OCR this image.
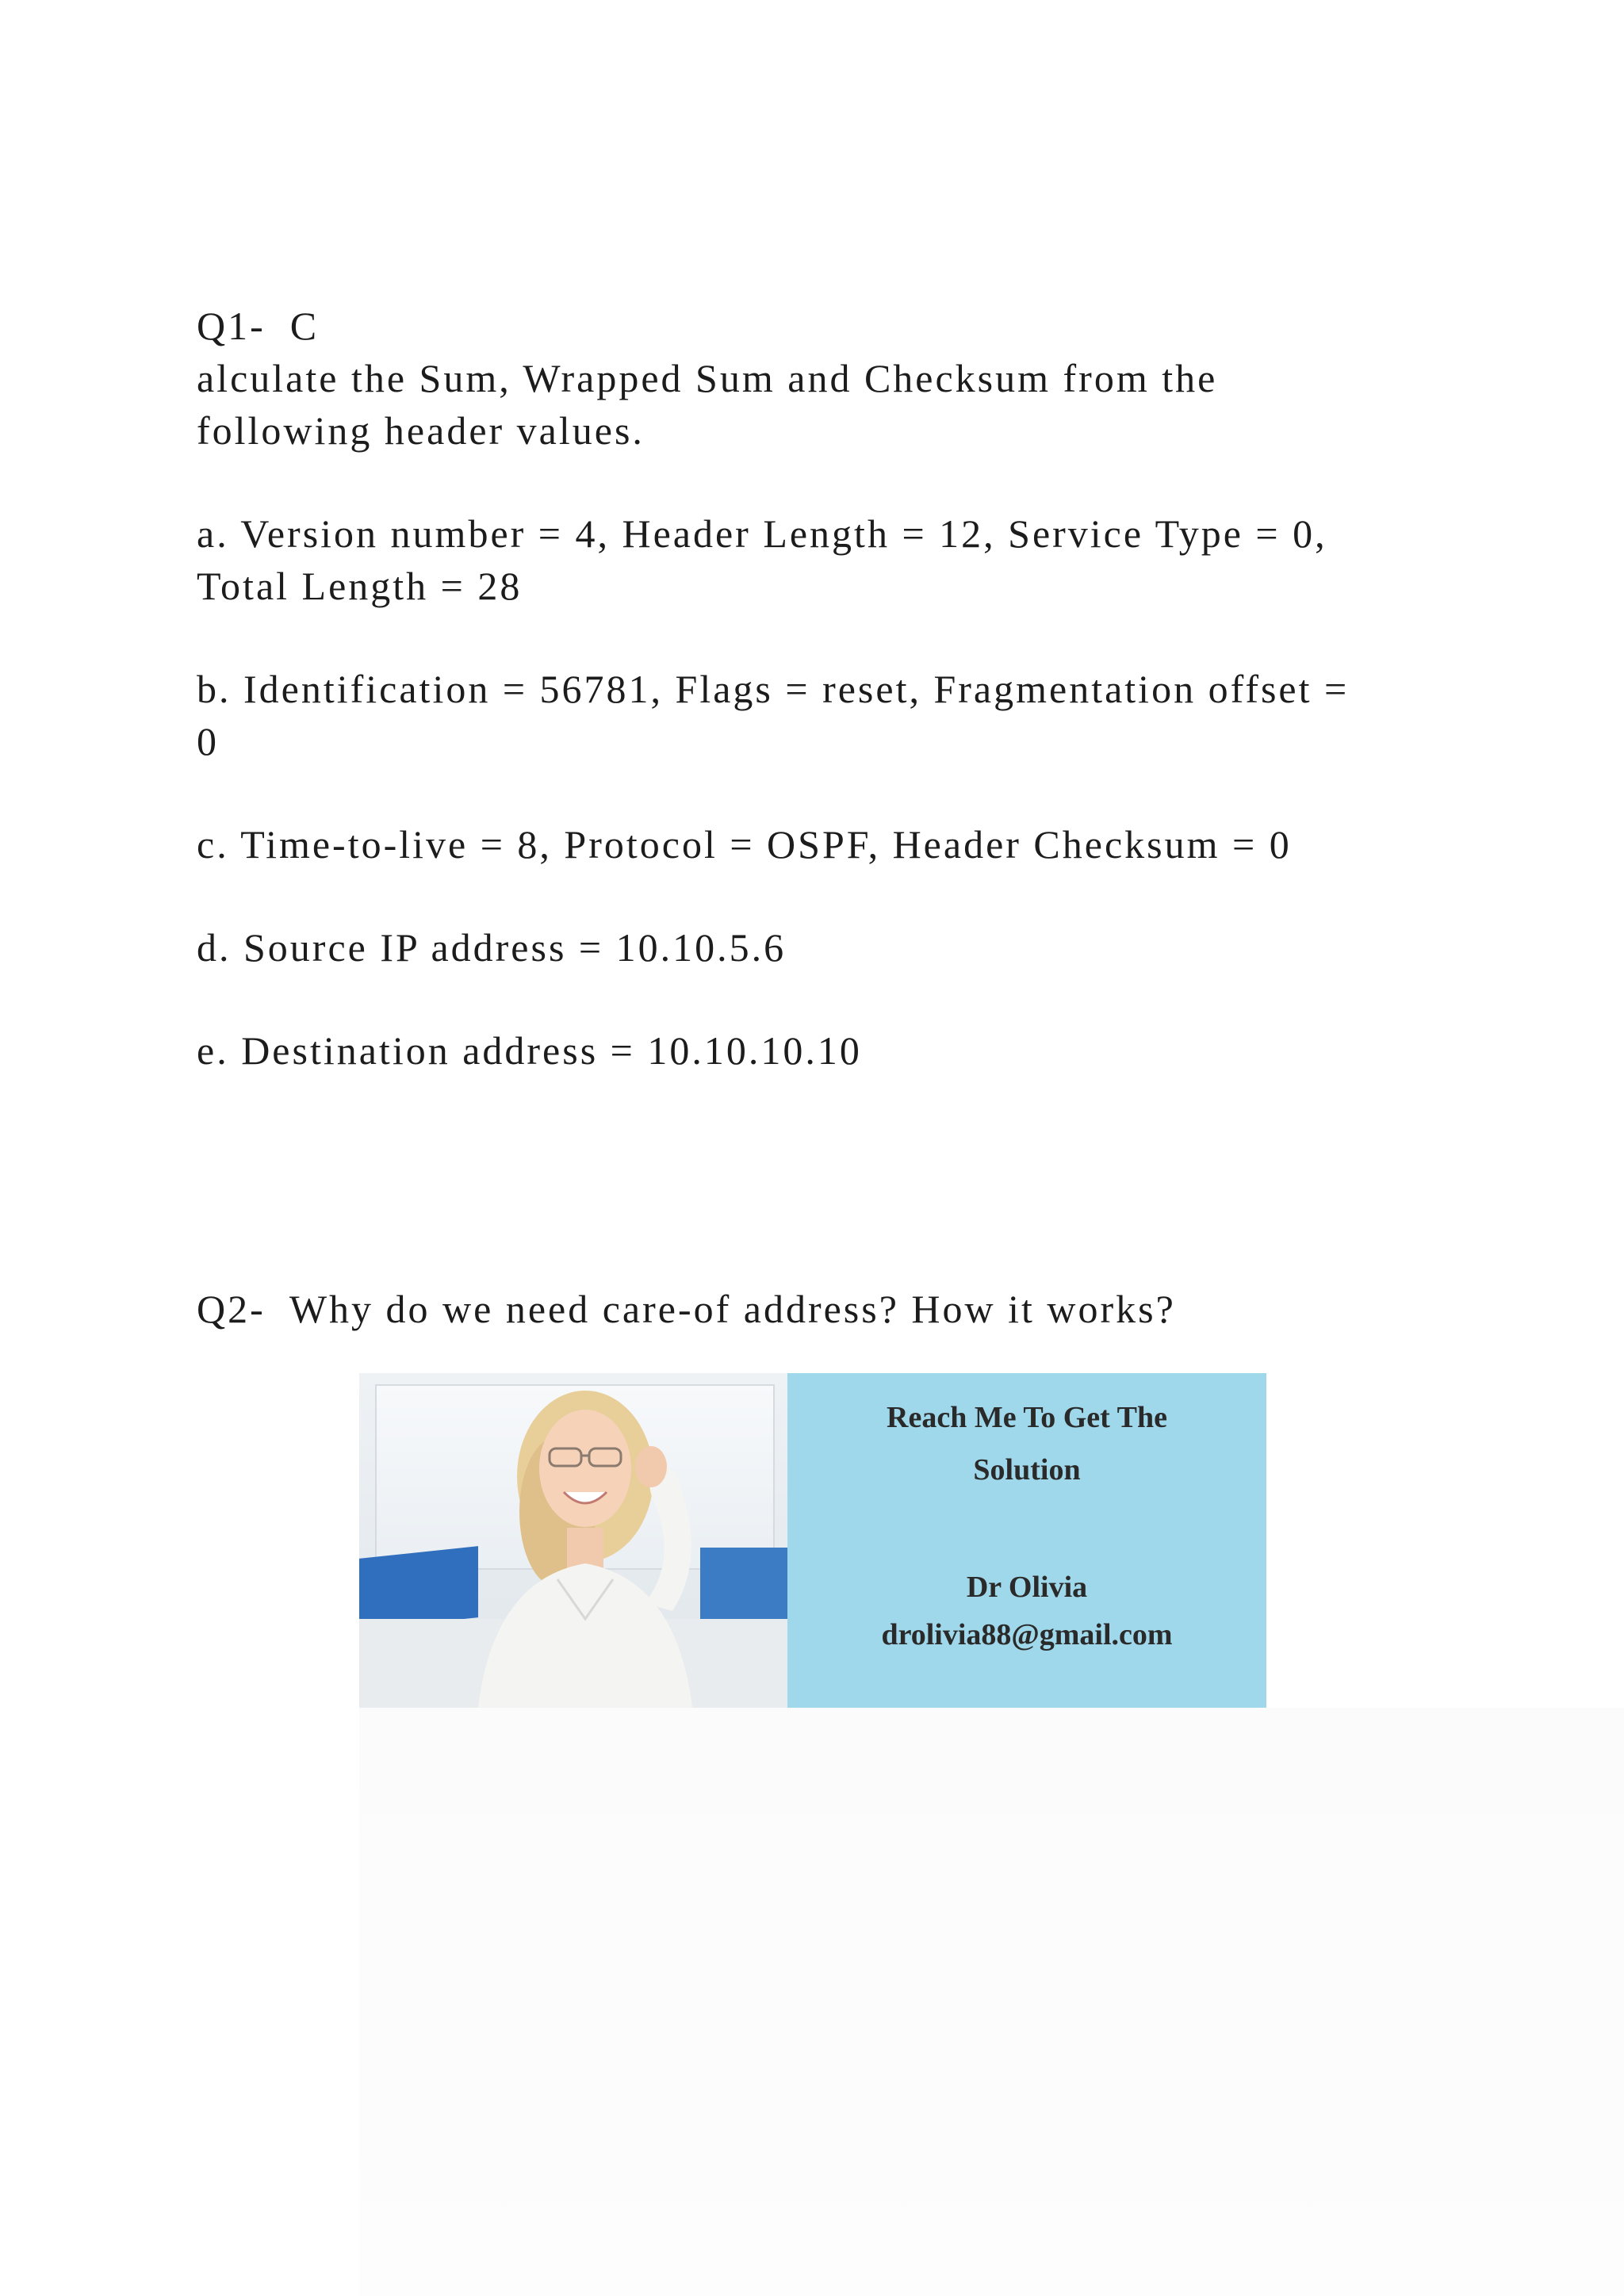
Q1-  C
alculate the Sum, Wrapped Sum and Checksum from the
following header values.
a. Version number = 4, Header Length = 12, Service Type = 0,
Total Length = 28
b. Identification = 56781, Flags = reset, Fragmentation offset =
0
c. Time-to-live = 8, Protocol = OSPF, Header Checksum = 0
d. Source IP address = 10.10.5.6
e. Destination address = 10.10.10.10
Q2-  Why do we need care-of address? How it works?
Reach Me To Get The
Solution
Dr Olivia
drolivia88@gmail.com
